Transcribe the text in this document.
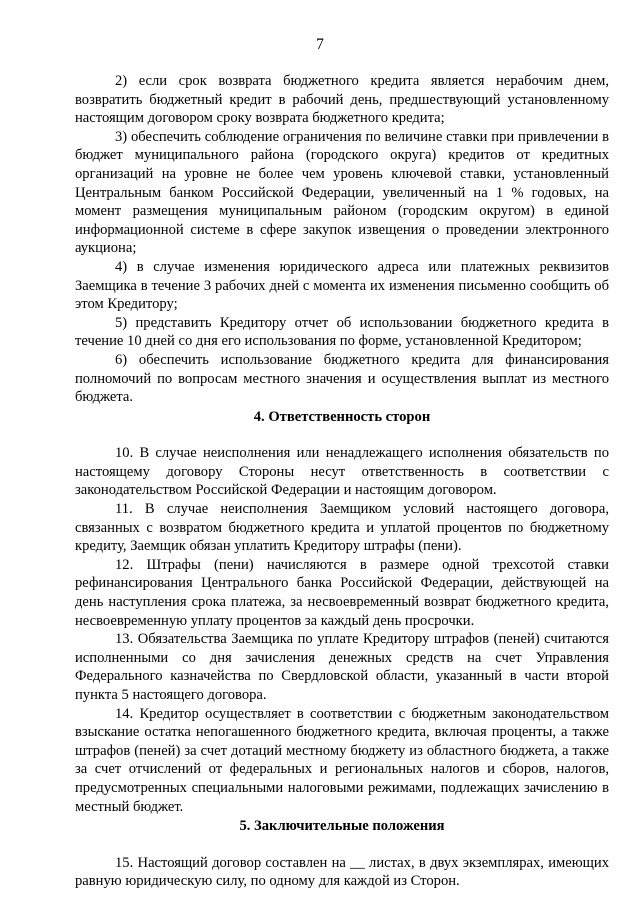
7

2) если срок возврата бюджетного кредита является нерабочим днем, возвратить бюджетный кредит в рабочий день, предшествующий установленному настоящим договором сроку возврата бюджетного кредита;

3) обеспечить соблюдение ограничения по величине ставки при привлечении в бюджет муниципального района (городского округа) кредитов от кредитных организаций на уровне не более чем уровень ключевой ставки, установленный Центральным банком Российской Федерации, увеличенный на 1 % годовых, на момент размещения муниципальным районом (городским округом) в единой информационной системе в сфере закупок извещения о проведении электронного аукциона;

4) в случае изменения юридического адреса или платежных реквизитов Заемщика в течение 3 рабочих дней с момента их изменения письменно сообщить об этом Кредитору;

5) представить Кредитору отчет об использовании бюджетного кредита в течение 10 дней со дня его использования по форме, установленной Кредитором;

6) обеспечить использование бюджетного кредита для финансирования полномочий по вопросам местного значения и осуществления выплат из местного бюджета.

4. Ответственность сторон

10. В случае неисполнения или ненадлежащего исполнения обязательств по настоящему договору Стороны несут ответственность в соответствии с законодательством Российской Федерации и настоящим договором.

11. В случае неисполнения Заемщиком условий настоящего договора, связанных с возвратом бюджетного кредита и уплатой процентов по бюджетному кредиту, Заемщик обязан уплатить Кредитору штрафы (пени).

12. Штрафы (пени) начисляются в размере одной трехсотой ставки рефинансирования Центрального банка Российской Федерации, действующей на день наступления срока платежа, за несвоевременный возврат бюджетного кредита, несвоевременную уплату процентов за каждый день просрочки.

13. Обязательства Заемщика по уплате Кредитору штрафов (пеней) считаются исполненными со дня зачисления денежных средств на счет Управления Федерального казначейства по Свердловской области, указанный в части второй пункта 5 настоящего договора.

14. Кредитор осуществляет в соответствии с бюджетным законодательством взыскание остатка непогашенного бюджетного кредита, включая проценты, а также штрафов (пеней) за счет дотаций местному бюджету из областного бюджета, а также за счет отчислений от федеральных и региональных налогов и сборов, налогов, предусмотренных специальными налоговыми режимами, подлежащих зачислению в местный бюджет.

5. Заключительные положения

15. Настоящий договор составлен на __ листах, в двух экземплярах, имеющих равную юридическую силу, по одному для каждой из Сторон.
